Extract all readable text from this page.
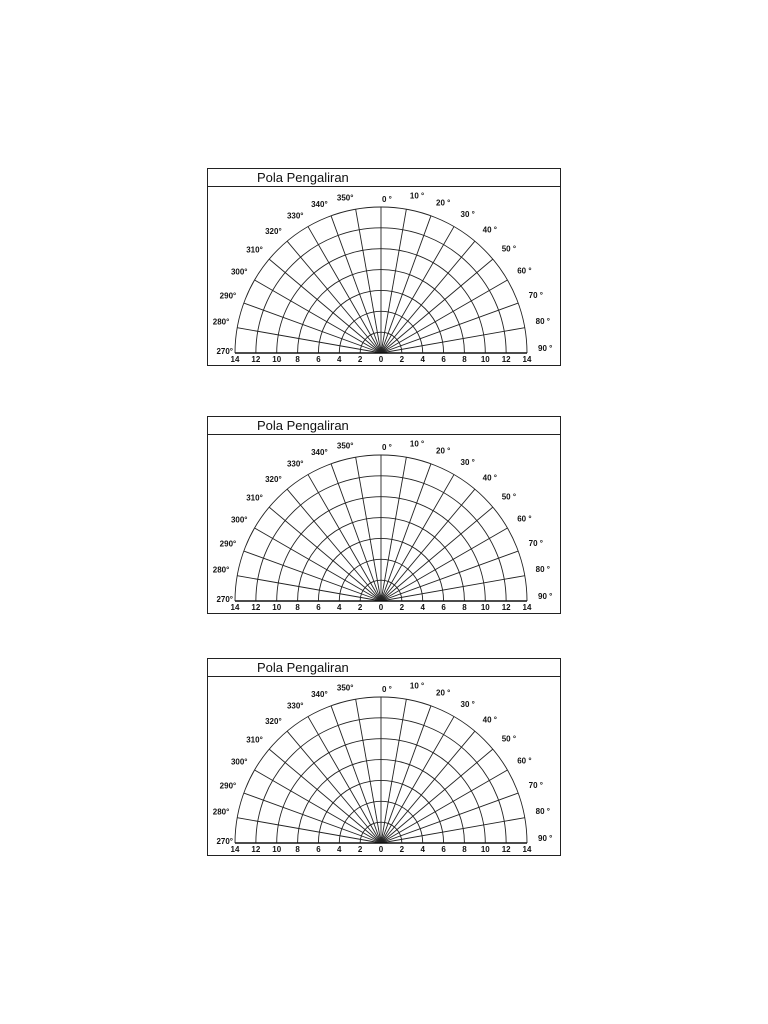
Pola Pengaliran
0 ° 10 °
20 °
30 °
40 °
50 °
60 °
70 °
80 °
90 °
350°
340°
330°
320°
310°
300°
290°
280°
270°
14 12 10 8 6 4 2 0 2 4 6 8 10 12 14
Pola Pengaliran
0 ° 10 °
20 °
30 °
40 °
50 °
60 °
70 °
80 °
90 °
350°
340°
330°
320°
310°
300°
290°
280°
270°
14 12 10 8 6 4 2 0 2 4 6 8 10 12 14
Pola Pengaliran
0 ° 10 °
20 °
30 °
40 °
50 °
60 °
70 °
80 °
90 °
350°
340°
330°
320°
310°
300°
290°
280°
270°
14 12 10 8 6 4 2 0 2 4 6 8 10 12 14
